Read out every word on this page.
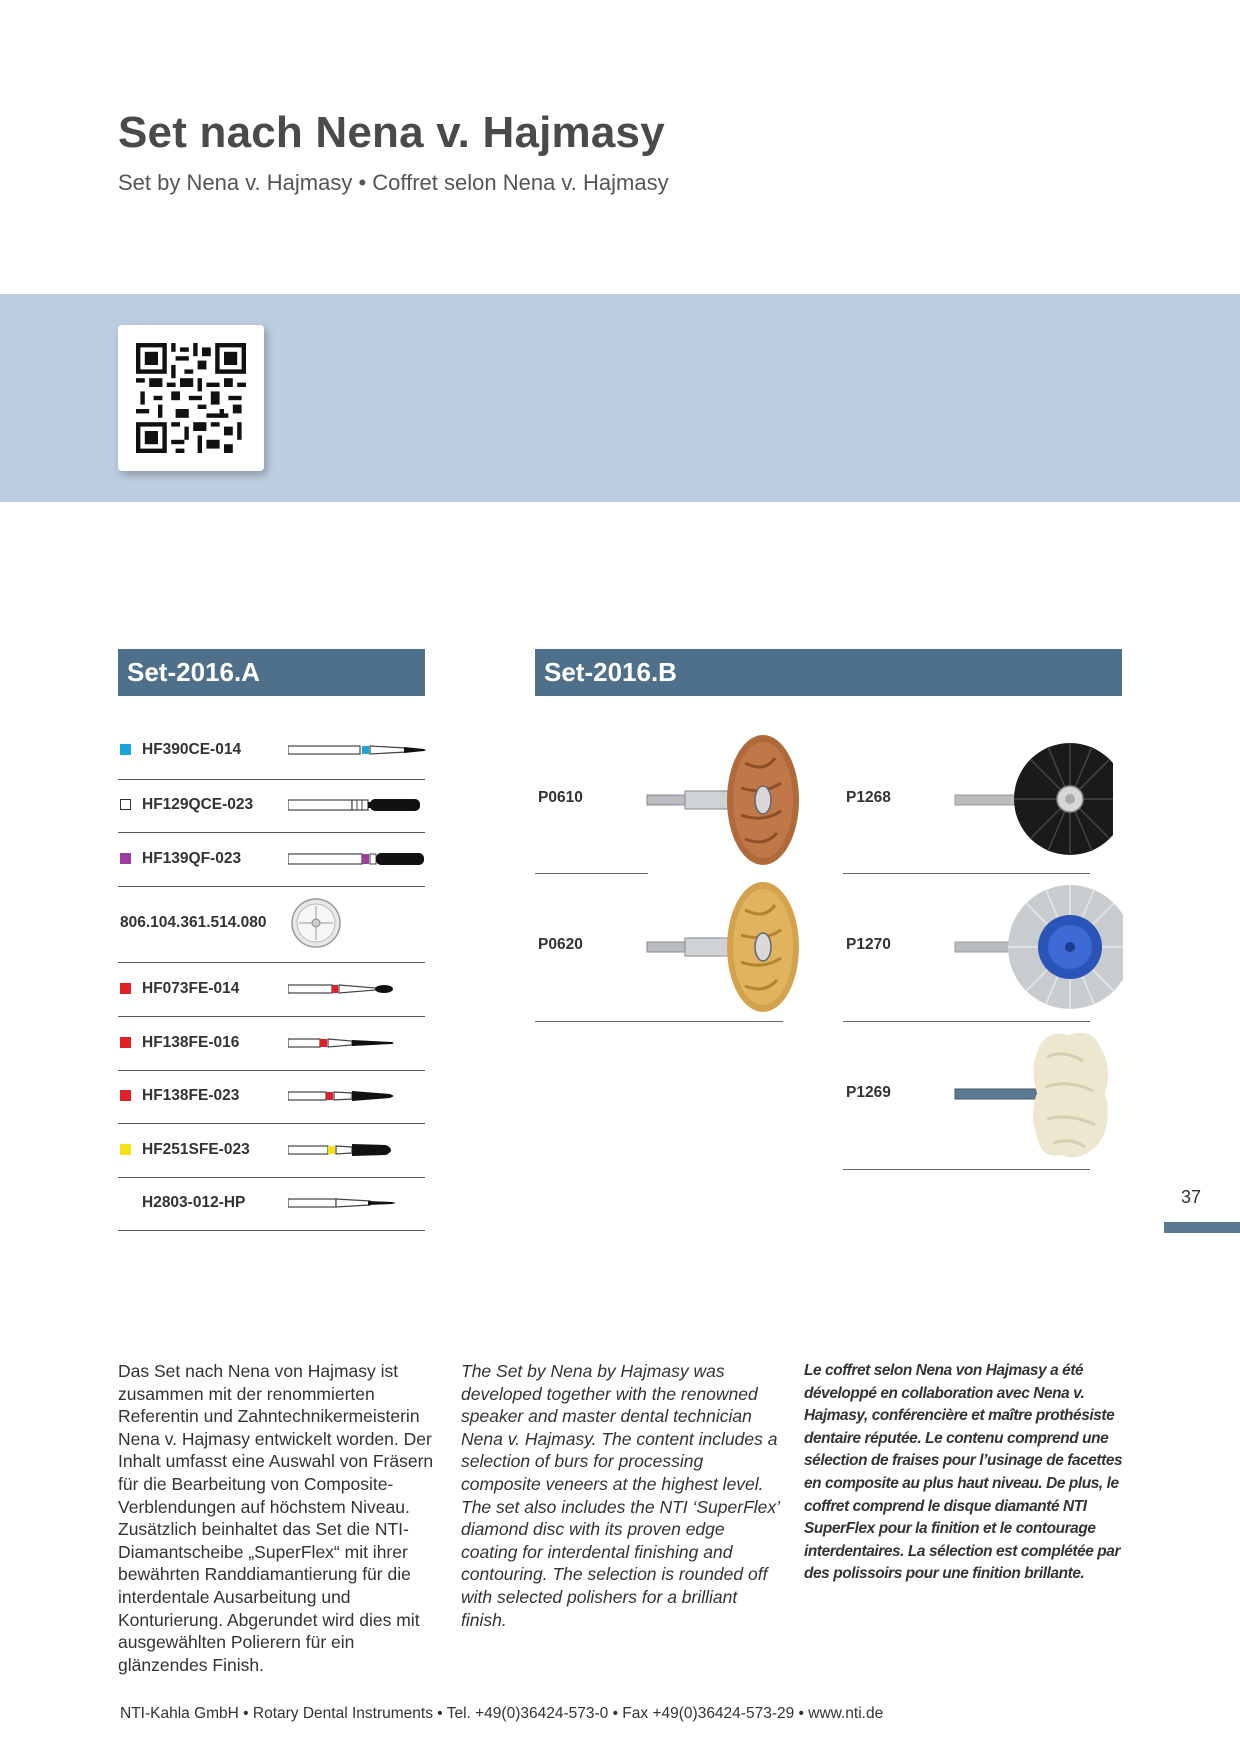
Set nach Nena v. Hajmasy
Set by Nena v. Hajmasy • Coffret selon Nena v. Hajmasy
Set-2016.A	Set-2016.B
HF390CE-014
HF129QCE-023
HF139QF-023
806.104.361.514.080
HF073FE-014
HF138FE-016
HF138FE-023
HF251SFE-023
H2803-012-HP
P0610	P1268
P0620	P1270
P1269
37

Das Set nach Nena von Hajmasy ist zusammen mit der renommierten Referentin und Zahntechnikermeisterin Nena v. Hajmasy entwickelt worden. Der Inhalt umfasst eine Auswahl von Fräsern für die Bearbeitung von Composite-Verblendungen auf höchstem Niveau. Zusätzlich beinhaltet das Set die NTI-Diamantscheibe „SuperFlex“ mit ihrer bewährten Randdiamantierung für die interdentale Ausarbeitung und Konturierung. Abgerundet wird dies mit ausgewählten Polierern für ein glänzendes Finish.

The Set by Nena by Hajmasy was developed together with the renowned speaker and master dental technician Nena v. Hajmasy. The content includes a selection of burs for processing composite veneers at the highest level. The set also includes the NTI ‘SuperFlex’ diamond disc with its proven edge coating for interdental finishing and contouring. The selection is rounded off with selected polishers for a brilliant finish.

Le coffret selon Nena von Hajmasy a été développé en collaboration avec Nena v. Hajmasy, conférencière et maître prothésiste dentaire réputée. Le contenu comprend une sélection de fraises pour l’usinage de facettes en composite au plus haut niveau. De plus, le coffret comprend le disque diamanté NTI SuperFlex pour la finition et le contourage interdentaires. La sélection est complétée par des polissoirs pour une finition brillante.

NTI-Kahla GmbH • Rotary Dental Instruments • Tel. +49(0)36424-573-0 • Fax +49(0)36424-573-29 • www.nti.de
